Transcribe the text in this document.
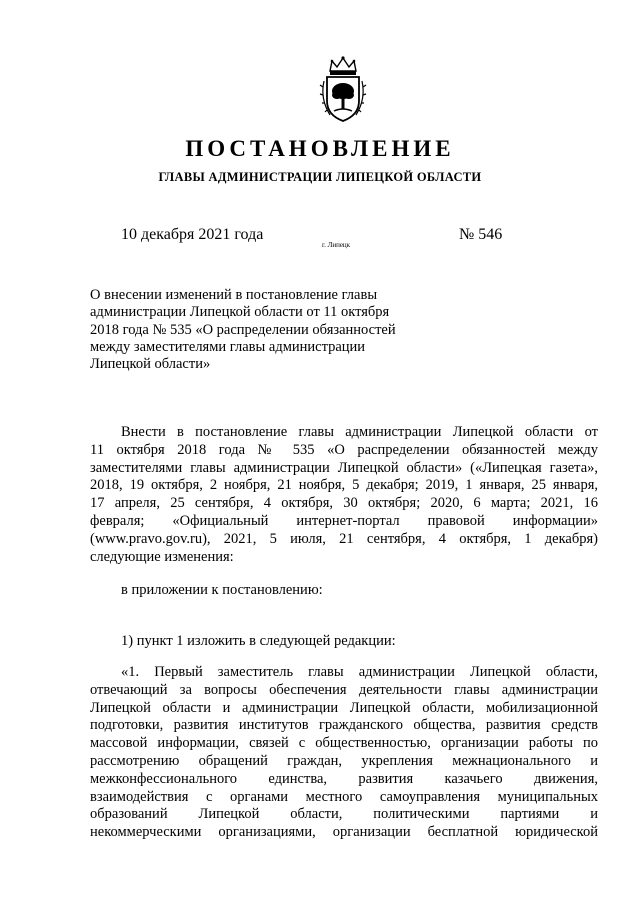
ПОСТАНОВЛЕНИЕ
ГЛАВЫ АДМИНИСТРАЦИИ ЛИПЕЦКОЙ ОБЛАСТИ
10 декабря 2021 года
г. Липецк
№ 546
О внесении изменений в постановление главы
администрации Липецкой области от 11 октября
2018 года № 535 «О распределении обязанностей
между заместителями главы администрации
Липецкой области»
Внести в постановление главы администрации Липецкой области от
11 октября 2018 года № 535 «О распределении обязанностей между
заместителями главы администрации Липецкой области» («Липецкая газета»,
2018, 19 октября, 2 ноября, 21 ноября, 5 декабря; 2019, 1 января, 25 января,
17 апреля, 25 сентября, 4 октября, 30 октября; 2020, 6 марта; 2021, 16
февраля; «Официальный интернет-портал правовой информации»
(www.pravo.gov.ru), 2021, 5 июля, 21 сентября, 4 октября, 1 декабря)
следующие изменения:
в приложении к постановлению:
1) пункт 1 изложить в следующей редакции:
«1. Первый заместитель главы администрации Липецкой области,
отвечающий за вопросы обеспечения деятельности главы администрации
Липецкой области и администрации Липецкой области, мобилизационной
подготовки, развития институтов гражданского общества, развития средств
массовой информации, связей с общественностью, организации работы по
рассмотрению обращений граждан, укрепления межнационального и
межконфессионального единства, развития казачьего движения,
взаимодействия с органами местного самоуправления муниципальных
образований Липецкой области, политическими партиями и
некоммерческими организациями, организации бесплатной юридической
